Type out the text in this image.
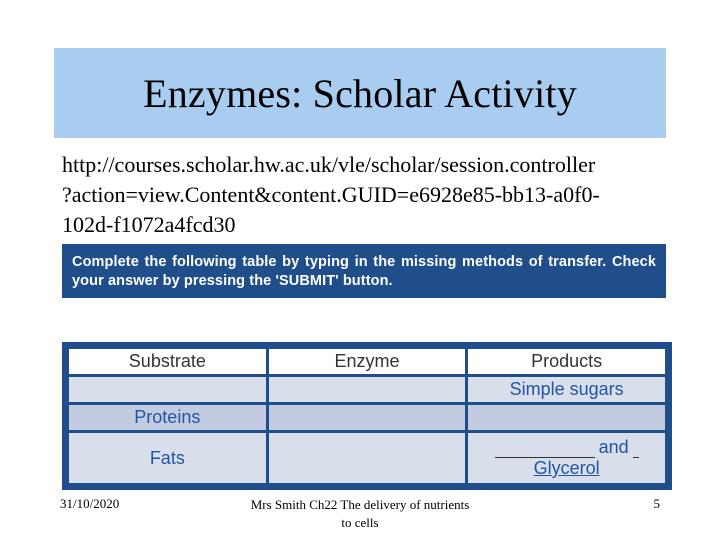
Enzymes: Scholar Activity
http://courses.scholar.hw.ac.uk/vle/scholar/session.controller
?action=view.Content&content.GUID=e6928e85-bb13-a0f0-
102d-f1072a4fcd30
Complete the following table by typing in the missing methods of transfer. Check your answer by pressing the 'SUBMIT' button.
Substrate	Enzyme	Products
		Simple sugars
Proteins		
Fats		andGlycerol
31/10/2020	Mrs Smith Ch22 The delivery of nutrients to cells
5
